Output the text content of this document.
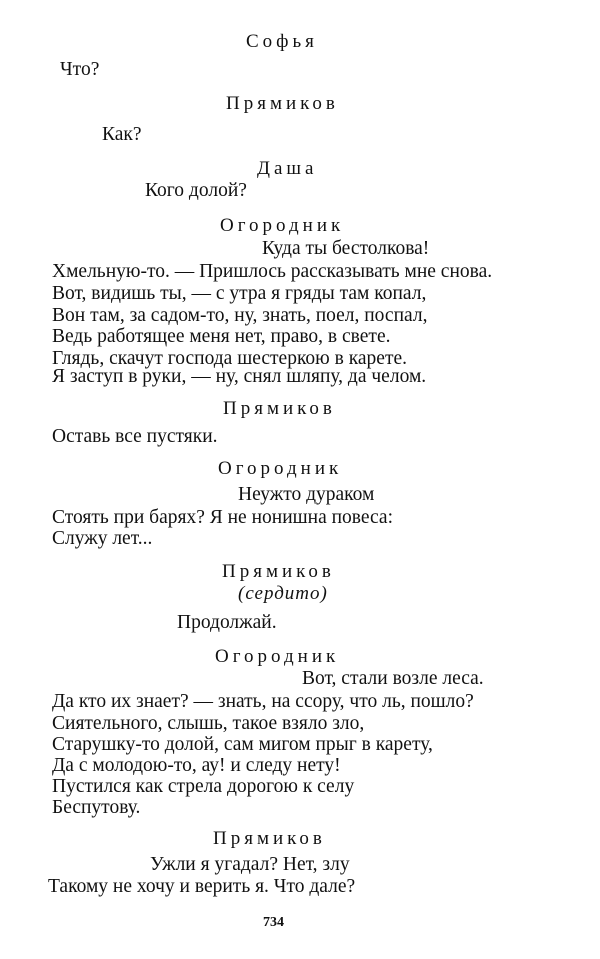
Софья
Что?
Прямиков
Как?
Даша
Кого долой?
Огородник
Куда ты бестолкова!
Хмельную-то. — Пришлось рассказывать мне снова.
Вот, видишь ты, — с утра я гряды там копал,
Вон там, за садом-то, ну, знать, поел, поспал,
Ведь работящее меня нет, право, в свете.
Глядь, скачут господа шестеркою в карете.
Я заступ в руки, — ну, снял шляпу, да челом.
Прямиков
Оставь все пустяки.
Огородник
Неужто дураком
Стоять при барях? Я не нонишна повеса:
Служу лет...
Прямиков
(сердито)
Продолжай.
Огородник
Вот, стали возле леса.
Да кто их знает? — знать, на ссору, что ль, пошло?
Сиятельного, слышь, такое взяло зло,
Старушку-то долой, сам мигом прыг в карету,
Да с молодою-то, ау! и следу нету!
Пустился как стрела дорогою к селу
Беспутову.
Прямиков
Ужли я угадал? Нет, злу
Такому не хочу и верить я. Что дале?
734
